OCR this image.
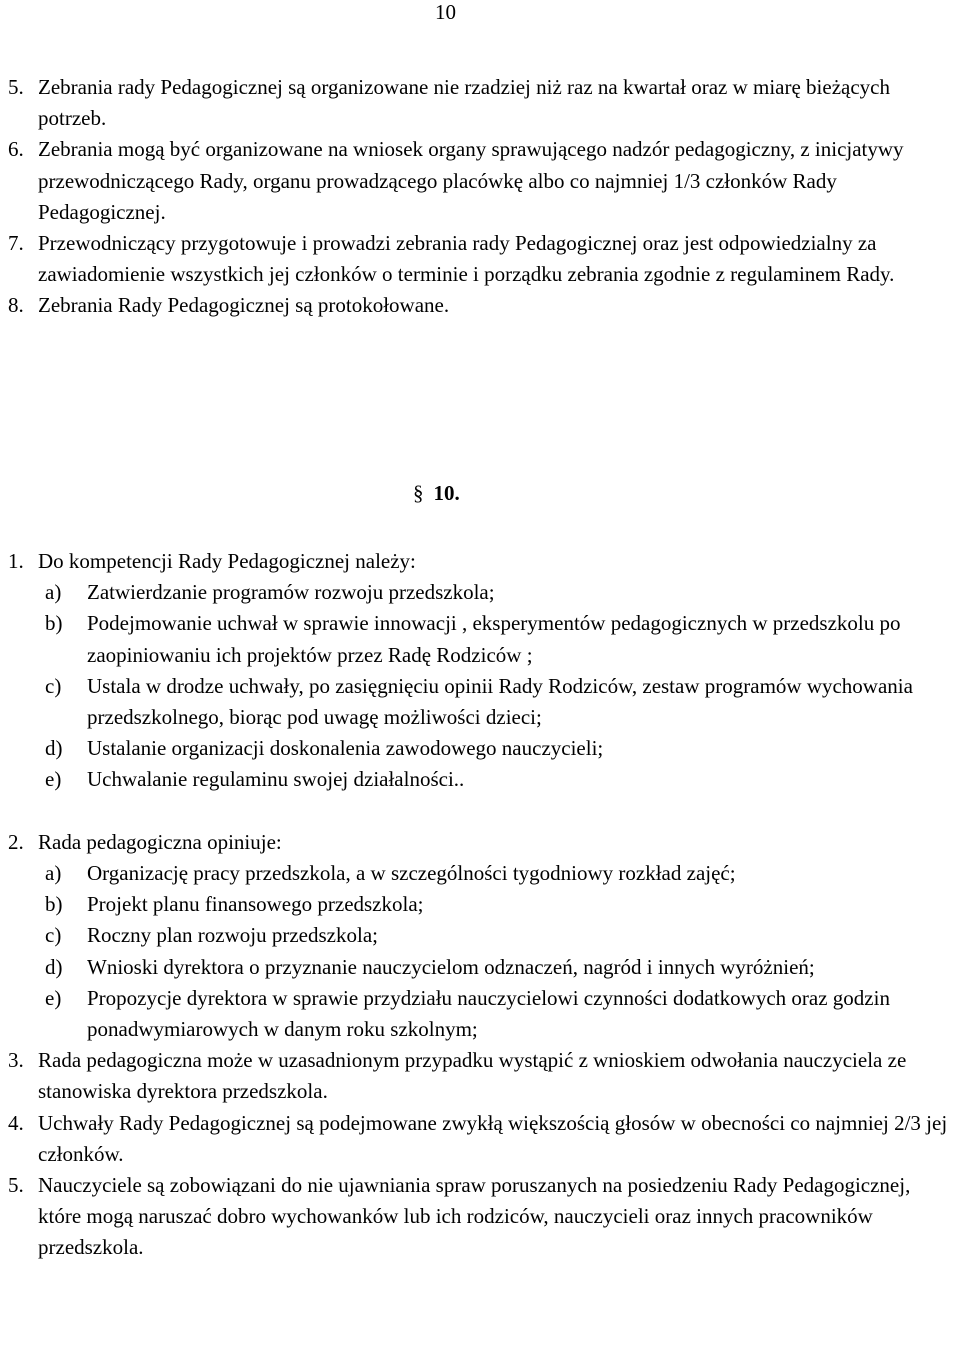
10
5. Zebrania rady Pedagogicznej są organizowane nie rzadziej niż raz na kwartał oraz w miarę bieżących potrzeb.
6. Zebrania mogą być organizowane na wniosek organy sprawującego nadzór pedagogiczny, z inicjatywy przewodniczącego Rady, organu prowadzącego placówkę albo co najmniej 1/3 członków Rady Pedagogicznej.
7. Przewodniczący przygotowuje i prowadzi zebrania rady Pedagogicznej oraz jest odpowiedzialny za zawiadomienie wszystkich jej członków o terminie i porządku zebrania zgodnie z regulaminem Rady.
8. Zebrania Rady Pedagogicznej są protokołowane.
§ 10.
1. Do kompetencji Rady Pedagogicznej należy:
a) Zatwierdzanie programów rozwoju przedszkola;
b) Podejmowanie uchwał w sprawie innowacji , eksperymentów pedagogicznych w przedszkolu po zaopiniowaniu ich projektów przez Radę Rodziców ;
c) Ustala w drodze uchwały, po zasięgnięciu opinii Rady Rodziców, zestaw programów wychowania przedszkolnego, biorąc pod uwagę możliwości dzieci;
d) Ustalanie organizacji doskonalenia zawodowego nauczycieli;
e) Uchwalanie regulaminu swojej działalności..
2. Rada pedagogiczna opiniuje:
a) Organizację pracy przedszkola, a w szczególności tygodniowy rozkład zajęć;
b) Projekt planu finansowego przedszkola;
c) Roczny plan rozwoju przedszkola;
d) Wnioski dyrektora o przyznanie nauczycielom odznaczeń, nagród i innych wyróżnień;
e) Propozycje dyrektora w sprawie przydziału nauczycielowi czynności dodatkowych oraz godzin ponadwymiarowych w danym roku szkolnym;
3. Rada pedagogiczna może w uzasadnionym przypadku wystąpić z wnioskiem odwołania nauczyciela ze stanowiska dyrektora przedszkola.
4. Uchwały Rady Pedagogicznej są podejmowane zwykłą większością głosów w obecności co najmniej 2/3 jej członków.
5. Nauczyciele są zobowiązani do nie ujawniania spraw poruszanych na posiedzeniu Rady Pedagogicznej, które mogą naruszać dobro wychowanków lub ich rodziców, nauczycieli oraz innych pracowników przedszkola.
